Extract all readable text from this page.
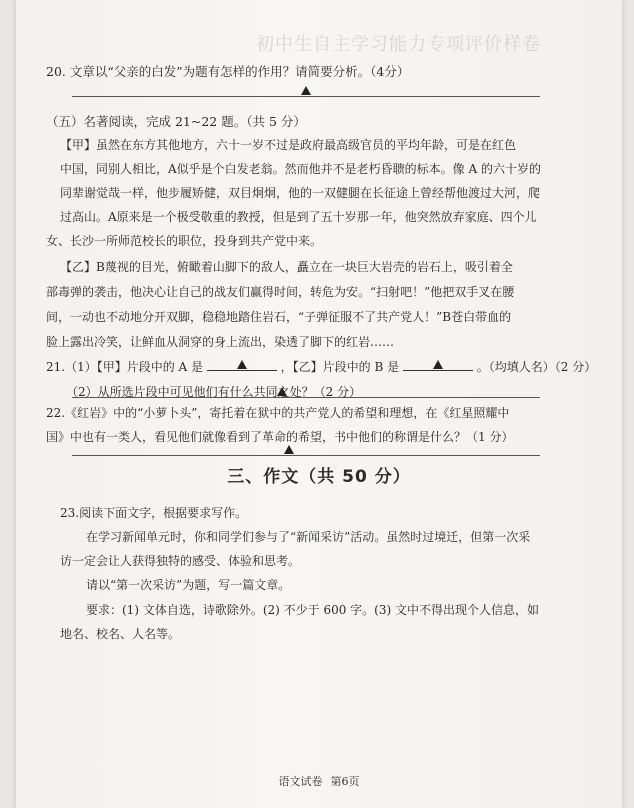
初中生自主学习能力专项评价样卷
20. 文章以“父亲的白发”为题有怎样的作用？请简要分析。（4分）
（五）名著阅读，完成 21~22 题。（共 5 分）
【甲】虽然在东方其他地方，六十一岁不过是政府最高级官员的平均年龄，可是在红色
中国，同别人相比，A似乎是个白发老翁。然而他并不是老朽昏聩的标本。像 A 的六十岁的
同辈谢觉哉一样，他步履矫健，双目炯炯，他的一双健腿在长征途上曾经帮他渡过大河，爬
过高山。A原来是一个极受敬重的教授，但是到了五十岁那一年，他突然放弃家庭、四个儿
女、长沙一所师范校长的职位，投身到共产党中来。
【乙】B蔑视的目光，俯瞰着山脚下的敌人，矗立在一块巨大岩壳的岩石上，吸引着全
部毒弹的袭击，他决心让自己的战友们赢得时间，转危为安。“扫射吧！”他把双手叉在腰
间，一动也不动地分开双脚，稳稳地踏住岩石，“子弹征服不了共产党人！”B苍白带血的
脸上露出冷笑，让鲜血从洞穿的身上流出，染透了脚下的红岩……
21.（1）【甲】片段中的 A 是	，【乙】片段中的 B 是	。（均填人名）（2 分）
（2）从所选片段中可见他们有什么共同之处？（2 分）
22.《红岩》中的“小萝卜头”，寄托着在狱中的共产党人的希望和理想，在《红星照耀中
国》中也有一类人，看见他们就像看到了革命的希望，书中他们的称谓是什么？（1 分）
三、作文（共 50 分）
23.阅读下面文字，根据要求写作。
在学习新闻单元时，你和同学们参与了“新闻采访”活动。虽然时过境迁，但第一次采
访一定会让人获得独特的感受、体验和思考。
请以“第一次采访”为题，写一篇文章。
要求：(1) 文体自选，诗歌除外。(2) 不少于 600 字。(3) 文中不得出现个人信息，如
地名、校名、人名等。
语文试卷 第6页
